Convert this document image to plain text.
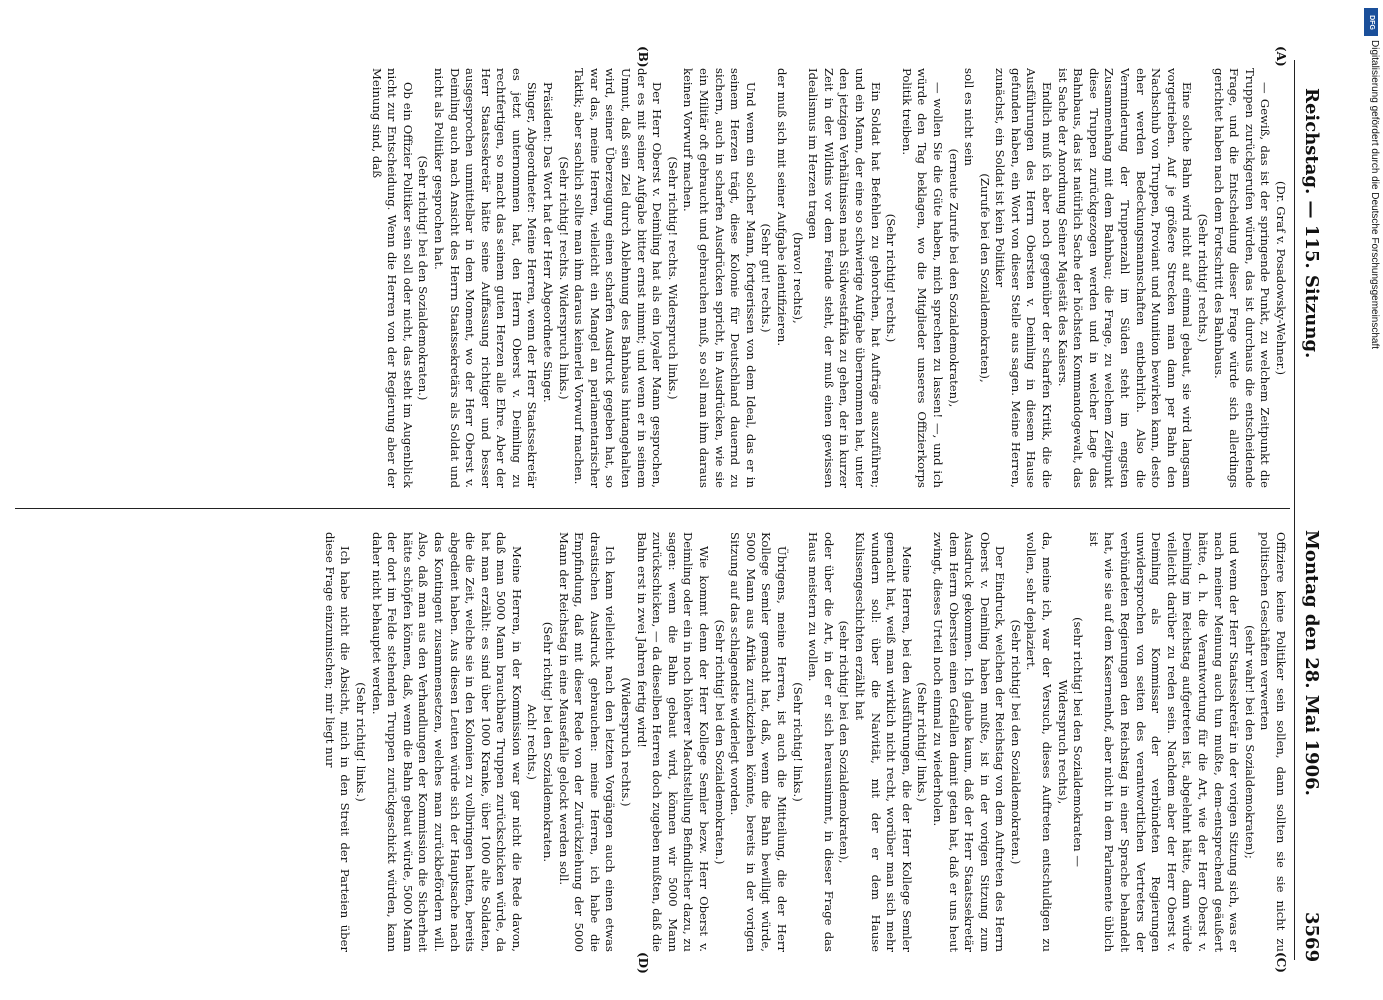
Reichstag. — 115. Sitzung.
Montag den 28. Mai 1906.
3569
(A)
(B)
(C)
(D)

(Dr. Graf v. Posadowsky-Wehner.)

— Gewiß, das ist der springende Punkt, zu welchem Zeitpunkt die Truppen zurückgerufen würden, das ist durchaus die entscheidende Frage, und die Entscheidung dieser Frage würde sich allerdings gerichtet haben nach dem Fortschritt des Bahnbaus.

(Sehr richtig! rechts.)

Eine solche Bahn wird nicht auf einmal gebaut, sie wird langsam vorgetrieben. Auf je größere Strecken man dann per Bahn den Nachschub von Truppen, Proviant und Munition bewirken kann, desto eher werden Bedeckungsmannschaften entbehrlich. Also die Verminderung der Truppenzahl im Süden steht im engsten Zusammenhang mit dem Bahnbau; die Frage, zu welchem Zeitpunkt diese Truppen zurückgezogen werden und in welcher Lage das Bahnbaus, das ist natürlich Sache der höchsten Kommandogewalt, das ist Sache der Anordnung Seiner Majestät des Kaisers.

Endlich muß ich aber noch gegenüber der scharfen Kritik, die die Ausführungen des Herrn Obersten v. Deimling in diesem Hause gefunden haben, ein Wort von dieser Stelle aus sagen. Meine Herren, zunächst, ein Soldat ist kein Politiker

(Zurufe bei den Sozialdemokraten),

soll es nicht sein

(erneute Zurufe bei den Sozialdemokraten),

— wollen Sie die Güte haben, mich sprechen zu lassen! —, und ich würde den Tag beklagen, wo die Mitglieder unseres Offizierkorps Politik treiben.

(Sehr richtig! rechts.)

Ein Soldat hat Befehlen zu gehorchen, hat Aufträge auszuführen; und ein Mann, der eine so schwierige Aufgabe übernommen hat, unter den jetzigen Verhältnissen nach Südwestafrika zu gehen, der in kurzer Zeit in der Wildnis vor dem Feinde steht, der muß einen gewissen Idealismus im Herzen tragen

(bravo! rechts),

der muß sich mit seiner Aufgabe identifizieren.

(Sehr gut! rechts.)

Und wenn ein solcher Mann, fortgerissen von dem Ideal, das er in seinem Herzen trägt, diese Kolonie für Deutschland dauernd zu sichern, auch in scharfen Ausdrücken spricht, in Ausdrücken, wie sie ein Militär oft gebraucht und gebrauchen muß, so soll man ihm daraus keinen Vorwurf machen.

(Sehr richtig! rechts. Widerspruch links.)

Der Herr Oberst v. Deimling hat als ein loyaler Mann gesprochen, der es mit seiner Aufgabe bitter ernst nimmt; und wenn er in seinem Unmut, daß sein Ziel durch Ablehnung des Bahnbaus hintangehalten wird, seiner Überzeugung einen scharfen Ausdruck gegeben hat, so war das, meine Herren, vielleicht ein Mangel an parlamentarischer Taktik; aber sachlich sollte man ihm daraus keinerlei Vorwurf machen.

(Sehr richtig! rechts. Widerspruch links.)

Präsident: Das Wort hat der Herr Abgeordnete Singer.

Singer, Abgeordneter: Meine Herren, wenn der Herr Staatssekretär es jetzt unternommen hat, den Herrn Oberst v. Deimling zu rechtfertigen, so macht das seinem guten Herzen alle Ehre. Aber der Herr Staatssekretär hätte seine Auffassung richtiger und besser ausgesprochen unmittelbar in dem Moment, wo der Herr Oberst v. Deimling auch nach Ansicht des Herrn Staatssekretärs als Soldat und nicht als Politiker gesprochen hat.

(Sehr richtig! bei den Sozialdemokraten.)

Ob ein Offizier Politiker sein soll oder nicht, das steht im Augenblick nicht zur Entscheidung. Wenn die Herren von der Regierung aber der Meinung sind, daß

Offiziere keine Politiker sein sollen, dann sollten sie sie nicht zu politischen Geschäften verwerten

(sehr wahr! bei den Sozialdemokraten);

und wenn der Herr Staatssekretär in der vorigen Sitzung sich, was er nach meiner Meinung auch tun mußte, dem-entsprechend geäußert hätte, d. h. die Verantwortung für die Art, wie der Herr Oberst v. Deimling im Reichstag aufgetreten ist, abgelehnt hätte, dann würde vielleicht darüber zu reden sein. Nachdem aber der Herr Oberst v. Deimling als Kommissar der verbündeten Regierungen unwidersprochen von seiten des verantwortlichen Vertreters der verbündeten Regierungen den Reichstag in einer Sprache behandelt hat, wie sie auf dem Kasernenhof, aber nicht in dem Parlamente üblich ist

(sehr richtig! bei den Sozialdemokraten —

Widerspruch rechts),

da, meine ich, war der Versuch, dieses Auftreten entschuldigen zu wollen, sehr deplaziert.

(Sehr richtig! bei den Sozialdemokraten.)

Der Eindruck, welchen der Reichstag von dem Auftreten des Herrn Oberst v. Deimling haben mußte, ist in der vorigen Sitzung zum Ausdruck gekommen. Ich glaube kaum, daß der Herr Staatssekretär dem Herrn Obersten einen Gefallen damit getan hat, daß er uns heut zwingt, dieses Urteil noch einmal zu wiederholen.

(Sehr richtig! links.)

Meine Herren, bei den Ausführungen, die der Herr Kollege Semler gemacht hat, weiß man wirklich nicht recht, worüber man sich mehr wundern soll: über die Naivität, mit der er dem Hause Kulissengeschichten erzählt hat

(sehr richtig! bei den Sozialdemokraten),

oder über die Art, in der er sich herausnimmt, in dieser Frage das Haus meistern zu wollen.

(Sehr richtig! links.)

Übrigens, meine Herren, ist auch die Mitteilung, die der Herr Kollege Semler gemacht hat, daß, wenn die Bahn bewilligt würde, 5000 Mann aus Afrika zurückziehen könnte, bereits in der vorigen Sitzung auf das schlagendste widerlegt worden.

(Sehr richtig! bei den Sozialdemokraten.)

Wie kommt denn der Herr Kollege Semler bezw. Herr Oberst v. Deimling oder ein in noch höherer Machtstellung Befindlicher dazu, zu sagen: wenn die Bahn gebaut wird, können wir 5000 Mann zurückschicken, — da dieselben Herren doch zugeben mußten, daß die Bahn erst in zwei Jahren fertig wird!

(Widerspruch rechts.)

Ich kann vielleicht nach den letzten Vorgängen auch einen etwas drastischen Ausdruck gebrauchen: meine Herren, ich habe die Empfindung, daß mit dieser Rede von der Zurückziehung der 5000 Mann der Reichstag in eine Mausefalle gelockt werden soll.

(Sehr richtig! bei den Sozialdemokraten.

Ach! rechts.)

Meine Herren, in der Kommission war gar nicht die Rede davon, daß man 5000 Mann brauchbare Truppen zurückschicken würde, da hat man erzählt: es sind über 1000 Kranke, über 1000 alte Soldaten, die die Zeit, welche sie in den Kolonien zu vollbringen hatten, bereits abgedient haben. Aus diesen Leuten würde sich der Hauptsache nach das Kontingent zusammensetzen, welches man zurückbefördern will. Also, daß man aus den Verhandlungen der Kommission die Sicherheit hätte schöpfen können, daß, wenn die Bahn gebaut würde, 5000 Mann der dort im Felde stehenden Truppen zurückgeschickt würden, kann daher nicht behauptet werden.

(Sehr richtig! links.)

Ich habe nicht die Absicht, mich in den Streit der Parteien über diese Frage einzumischen; mir liegt nur

DFG
Digitalisierung gefördert durch die Deutsche Forschungsgemeinschaft
